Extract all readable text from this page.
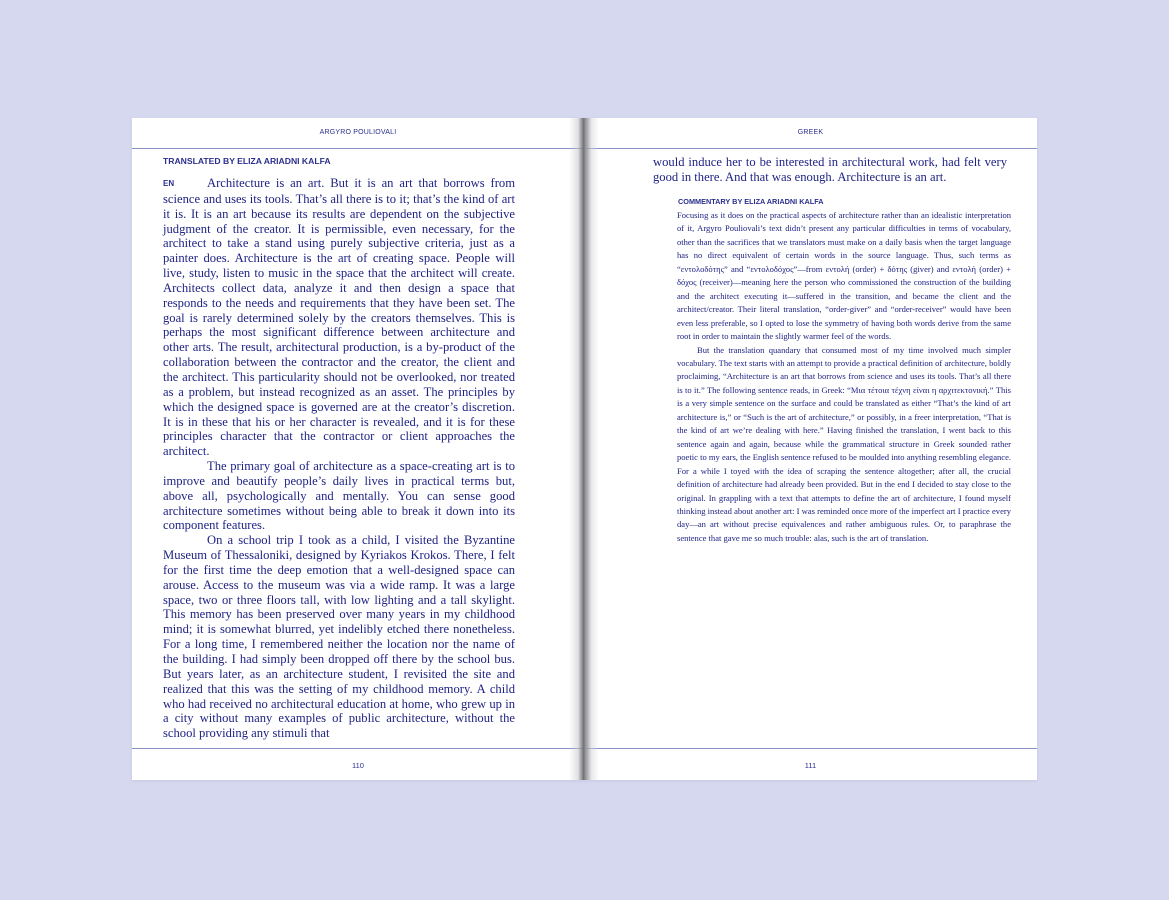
ARGYRO POULIOVALI
TRANSLATED BY ELIZA ARIADNI KALFA

EN	Architecture is an art. But it is an art that borrows from science and uses its tools. That’s all there is to it; that’s the kind of art it is. It is an art because its results are dependent on the subjective judgment of the creator. It is permissible, even necessary, for the architect to take a stand using purely subjective criteria, just as a painter does. Architecture is the art of creating space. People will live, study, listen to music in the space that the architect will create. Architects collect data, analyze it and then design a space that responds to the needs and requirements that they have been set. The goal is rarely determined solely by the creators themselves. This is perhaps the most significant difference between architecture and other arts. The result, architectural production, is a by-product of the collaboration between the contractor and the creator, the client and the architect. This particularity should not be overlooked, nor treated as a problem, but instead recognized as an asset. The principles by which the designed space is governed are at the creator’s discretion. It is in these that his or her character is revealed, and it is for these principles character that the contractor or client approaches the architect.

The primary goal of architecture as a space-creating art is to improve and beautify people’s daily lives in practical terms but, above all, psychologically and mentally. You can sense good architecture sometimes without being able to break it down into its component features.

On a school trip I took as a child, I visited the Byzantine Museum of Thessaloniki, designed by Kyriakos Krokos. There, I felt for the first time the deep emotion that a well-designed space can arouse. Access to the museum was via a wide ramp. It was a large space, two or three floors tall, with low lighting and a tall skylight. This memory has been preserved over many years in my childhood mind; it is somewhat blurred, yet indelibly etched there nonetheless. For a long time, I remembered neither the location nor the name of the building. I had simply been dropped off there by the school bus. But years later, as an architecture student, I revisited the site and realized that this was the setting of my childhood memory. A child who had received no architectural education at home, who grew up in a city without many examples of public architecture, without the school providing any stimuli that

110
GREEK

would induce her to be interested in architectural work, had felt very good in there. And that was enough. Architecture is an art.

COMMENTARY BY ELIZA ARIADNI KALFA

Focusing as it does on the practical aspects of architecture rather than an idealistic interpretation of it, Argyro Pouliovali’s text didn’t present any particular difficulties in terms of vocabulary, other than the sacrifices that we translators must make on a daily basis when the target language has no direct equivalent of certain words in the source language. Thus, such terms as “εντολοδότης” and “εντολοδόχος”—from εντολή (order) + δότης (giver) and εντολή (order) + δόχος (receiver)—meaning here the person who commissioned the construction of the building and the architect executing it—suffered in the transition, and became the client and the architect/creator. Their literal translation, “order-giver” and “order-receiver” would have been even less preferable, so I opted to lose the symmetry of having both words derive from the same root in order to maintain the slightly warmer feel of the words.

But the translation quandary that consumed most of my time involved much simpler vocabulary. The text starts with an attempt to provide a practical definition of architecture, boldly proclaiming, “Architecture is an art that borrows from science and uses its tools. That’s all there is to it.” The following sentence reads, in Greek: “Μια τέτοια τέχνη είναι η αρχιτεκτονική.” This is a very simple sentence on the surface and could be translated as either “That’s the kind of art architecture is,” or “Such is the art of architecture,” or possibly, in a freer interpretation, “That is the kind of art we’re dealing with here.” Having finished the translation, I went back to this sentence again and again, because while the grammatical structure in Greek sounded rather poetic to my ears, the English sentence refused to be moulded into anything resembling elegance. For a while I toyed with the idea of scraping the sentence altogether; after all, the crucial definition of architecture had already been provided. But in the end I decided to stay close to the original. In grappling with a text that attempts to define the art of architecture, I found myself thinking instead about another art: I was reminded once more of the imperfect art I practice every day—an art without precise equivalences and rather ambiguous rules. Or, to paraphrase the sentence that gave me so much trouble: alas, such is the art of translation.

111
